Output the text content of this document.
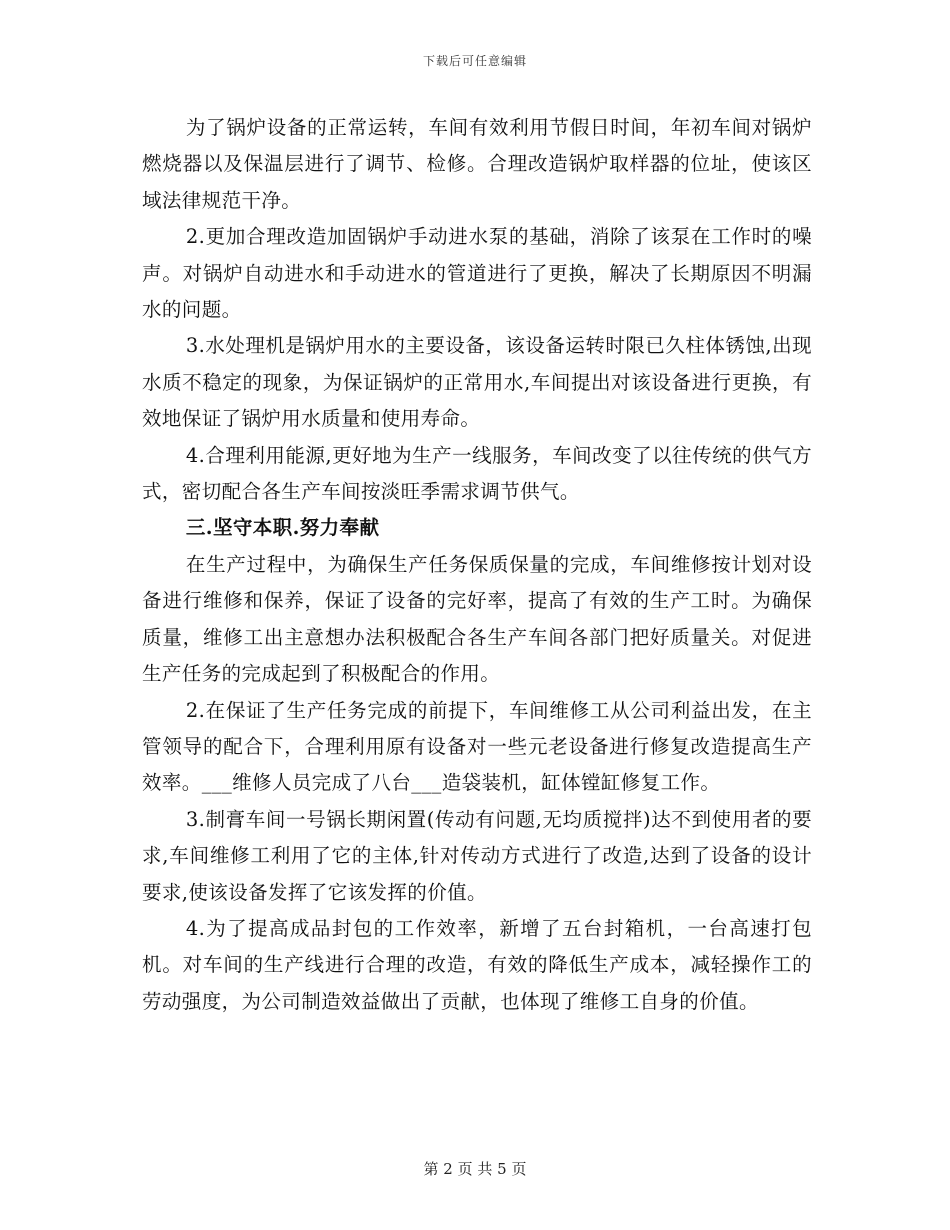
下载后可任意编辑

为了锅炉设备的正常运转，车间有效利用节假日时间，年初车间对锅炉燃烧器以及保温层进行了调节、检修。合理改造锅炉取样器的位址，使该区域法律规范干净。

2.更加合理改造加固锅炉手动进水泵的基础，消除了该泵在工作时的噪声。对锅炉自动进水和手动进水的管道进行了更换，解决了长期原因不明漏水的问题。

3.水处理机是锅炉用水的主要设备，该设备运转时限已久柱体锈蚀,出现水质不稳定的现象，为保证锅炉的正常用水,车间提出对该设备进行更换，有效地保证了锅炉用水质量和使用寿命。

4.合理利用能源,更好地为生产一线服务，车间改变了以往传统的供气方式，密切配合各生产车间按淡旺季需求调节供气。

三.坚守本职.努力奉献

在生产过程中，为确保生产任务保质保量的完成，车间维修按计划对设备进行维修和保养，保证了设备的完好率，提高了有效的生产工时。为确保质量，维修工出主意想办法积极配合各生产车间各部门把好质量关。对促进生产任务的完成起到了积极配合的作用。

2.在保证了生产任务完成的前提下，车间维修工从公司利益出发，在主管领导的配合下，合理利用原有设备对一些元老设备进行修复改造提高生产效率。___维修人员完成了八台___造袋装机，缸体镗缸修复工作。

3.制膏车间一号锅长期闲置(传动有问题,无均质搅拌)达不到使用者的要求,车间维修工利用了它的主体,针对传动方式进行了改造,达到了设备的设计要求,使该设备发挥了它该发挥的价值。

4.为了提高成品封包的工作效率，新增了五台封箱机，一台高速打包机。对车间的生产线进行合理的改造，有效的降低生产成本，减轻操作工的劳动强度，为公司制造效益做出了贡献，也体现了维修工自身的价值。

第 2 页 共 5 页
